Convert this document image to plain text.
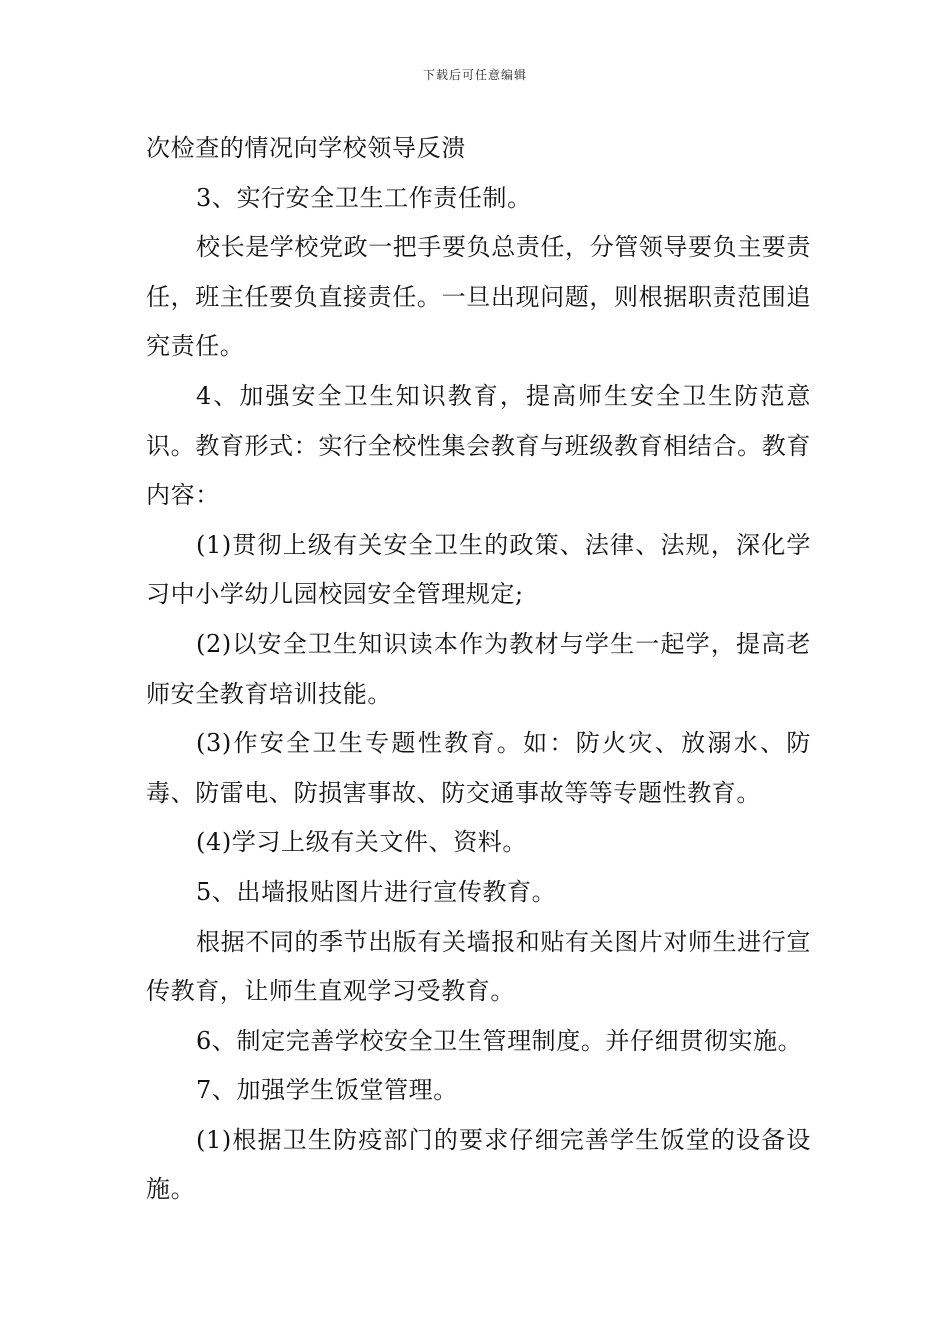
下载后可任意编辑

次检查的情况向学校领导反溃

3、实行安全卫生工作责任制。

校长是学校党政一把手要负总责任，分管领导要负主要责任，班主任要负直接责任。一旦出现问题，则根据职责范围追究责任。

4、加强安全卫生知识教育，提高师生安全卫生防范意识。教育形式：实行全校性集会教育与班级教育相结合。教育内容：

(1)贯彻上级有关安全卫生的政策、法律、法规，深化学习中小学幼儿园校园安全管理规定;

(2)以安全卫生知识读本作为教材与学生一起学，提高老师安全教育培训技能。

(3)作安全卫生专题性教育。如：防火灾、放溺水、防毒、防雷电、防损害事故、防交通事故等等专题性教育。

(4)学习上级有关文件、资料。

5、出墙报贴图片进行宣传教育。

根据不同的季节出版有关墙报和贴有关图片对师生进行宣传教育，让师生直观学习受教育。

6、制定完善学校安全卫生管理制度。并仔细贯彻实施。

7、加强学生饭堂管理。

(1)根据卫生防疫部门的要求仔细完善学生饭堂的设备设施。
